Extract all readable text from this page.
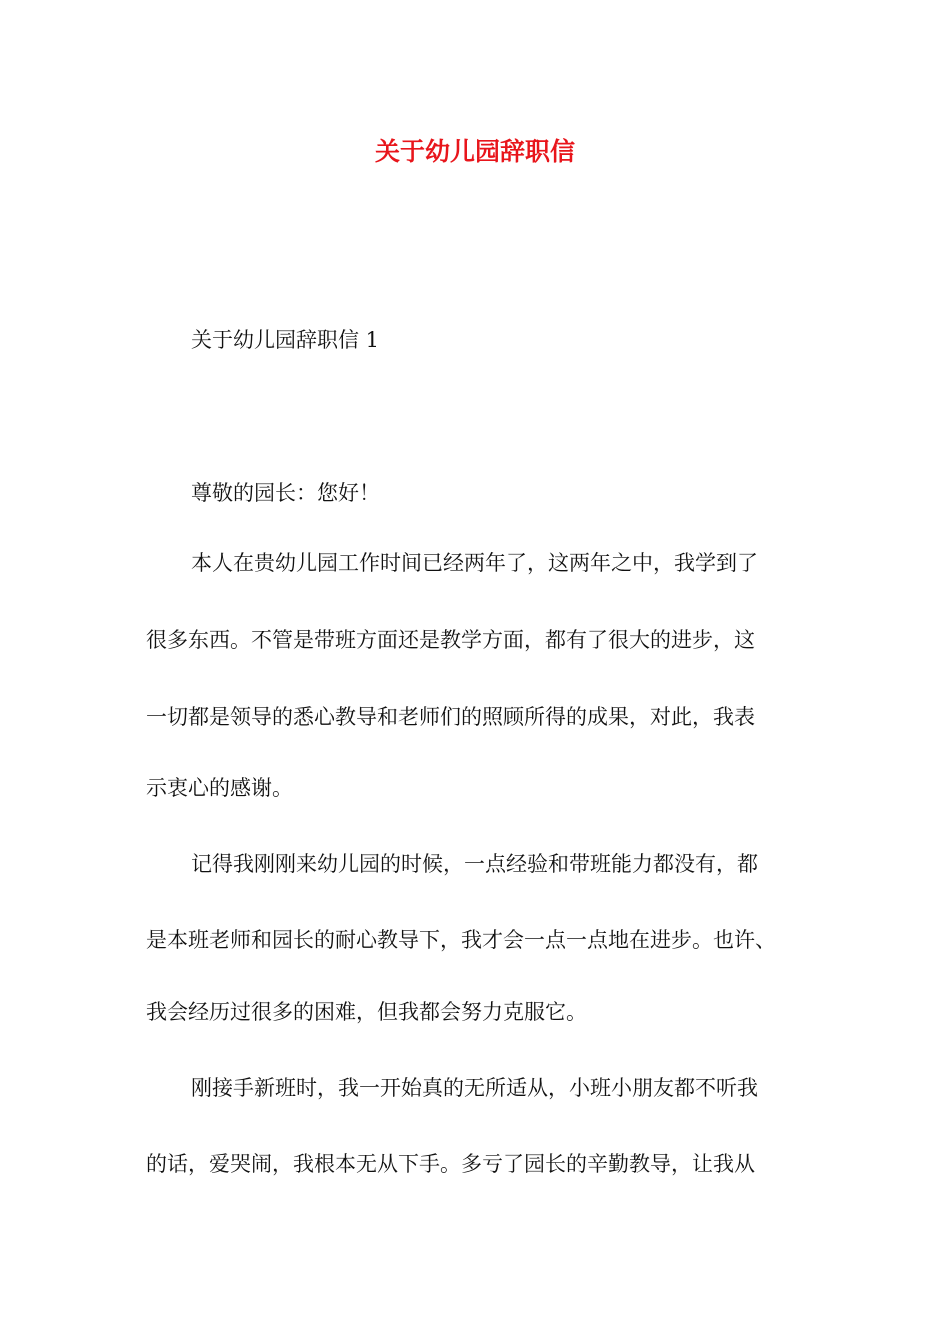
关于幼儿园辞职信

关于幼儿园辞职信 1

尊敬的园长：您好！

本人在贵幼儿园工作时间已经两年了，这两年之中，我学到了

很多东西。不管是带班方面还是教学方面，都有了很大的进步，这

一切都是领导的悉心教导和老师们的照顾所得的成果，对此，我表

示衷心的感谢。

记得我刚刚来幼儿园的时候，一点经验和带班能力都没有，都

是本班老师和园长的耐心教导下，我才会一点一点地在进步。也许、

我会经历过很多的困难，但我都会努力克服它。

刚接手新班时，我一开始真的无所适从，小班小朋友都不听我

的话，爱哭闹，我根本无从下手。多亏了园长的辛勤教导，让我从
